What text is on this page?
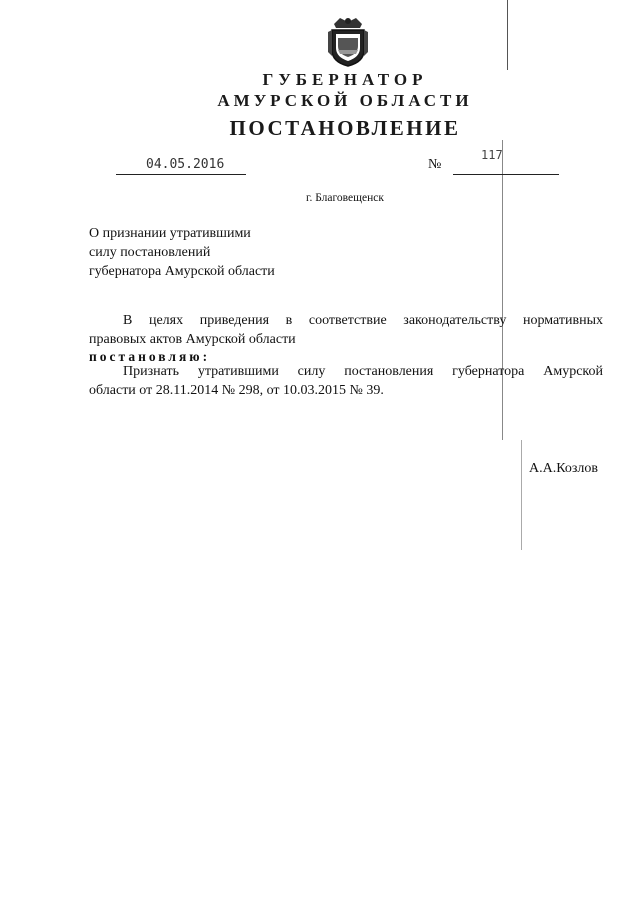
ГУБЕРНАТОР
АМУРСКОЙ ОБЛАСТИ
ПОСТАНОВЛЕНИЕ
04.05.2016	№
117
г. Благовещенск
О признании утратившими
силу постановлений
губернатора Амурской области
В целях приведения в соответствие законодательству нормативных
правовых актов Амурской области
постановляю:
Признать утратившими силу постановления губернатора Амурской
области от 28.11.2014 № 298, от 10.03.2015 № 39.
А.А.Козлов
